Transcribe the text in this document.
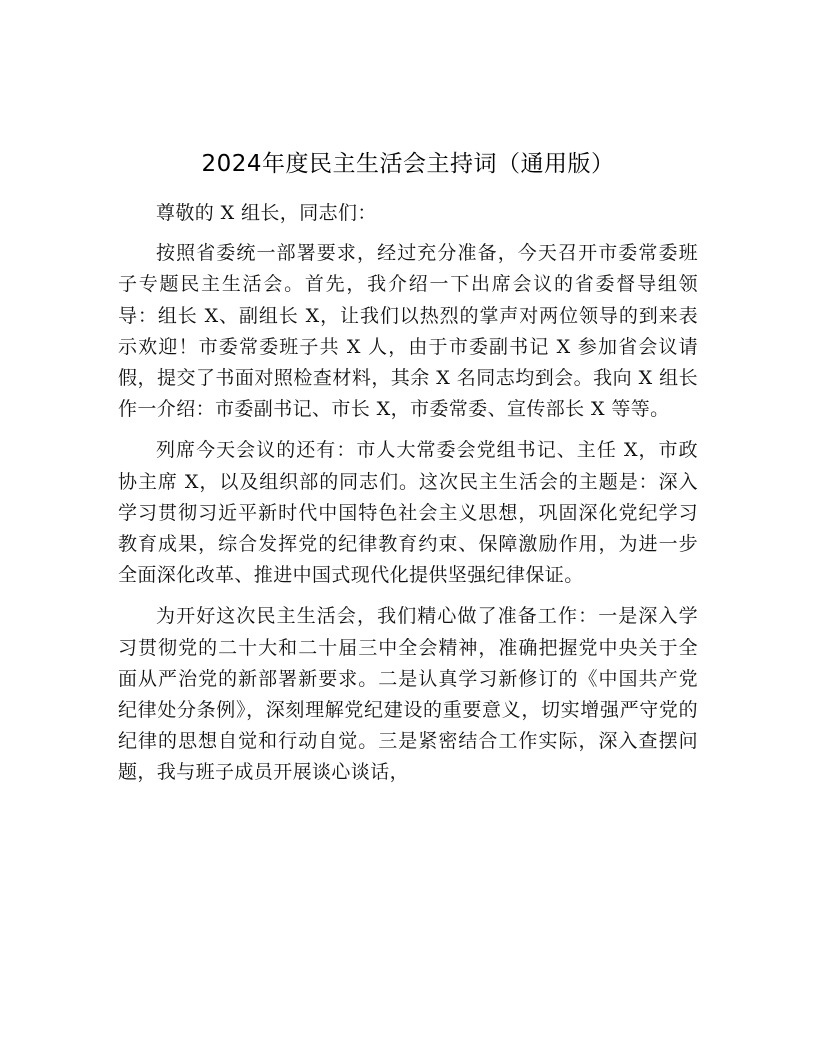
2024年度民主生活会主持词（通用版）

尊敬的 X 组长，同志们：

按照省委统一部署要求，经过充分准备，今天召开市委常委班子专题民主生活会。首先，我介绍一下出席会议的省委督导组领导：组长 X、副组长 X，让我们以热烈的掌声对两位领导的到来表示欢迎！市委常委班子共 X 人，由于市委副书记 X 参加省会议请假，提交了书面对照检查材料，其余 X 名同志均到会。我向 X 组长作一介绍：市委副书记、市长 X，市委常委、宣传部长 X 等等。

列席今天会议的还有：市人大常委会党组书记、主任 X，市政协主席 X，以及组织部的同志们。这次民主生活会的主题是：深入学习贯彻习近平新时代中国特色社会主义思想，巩固深化党纪学习教育成果，综合发挥党的纪律教育约束、保障激励作用，为进一步全面深化改革、推进中国式现代化提供坚强纪律保证。

为开好这次民主生活会，我们精心做了准备工作：一是深入学习贯彻党的二十大和二十届三中全会精神，准确把握党中央关于全面从严治党的新部署新要求。二是认真学习新修订的《中国共产党纪律处分条例》，深刻理解党纪建设的重要意义，切实增强严守党的纪律的思想自觉和行动自觉。三是紧密结合工作实际，深入查摆问题，我与班子成员开展谈心谈话，
